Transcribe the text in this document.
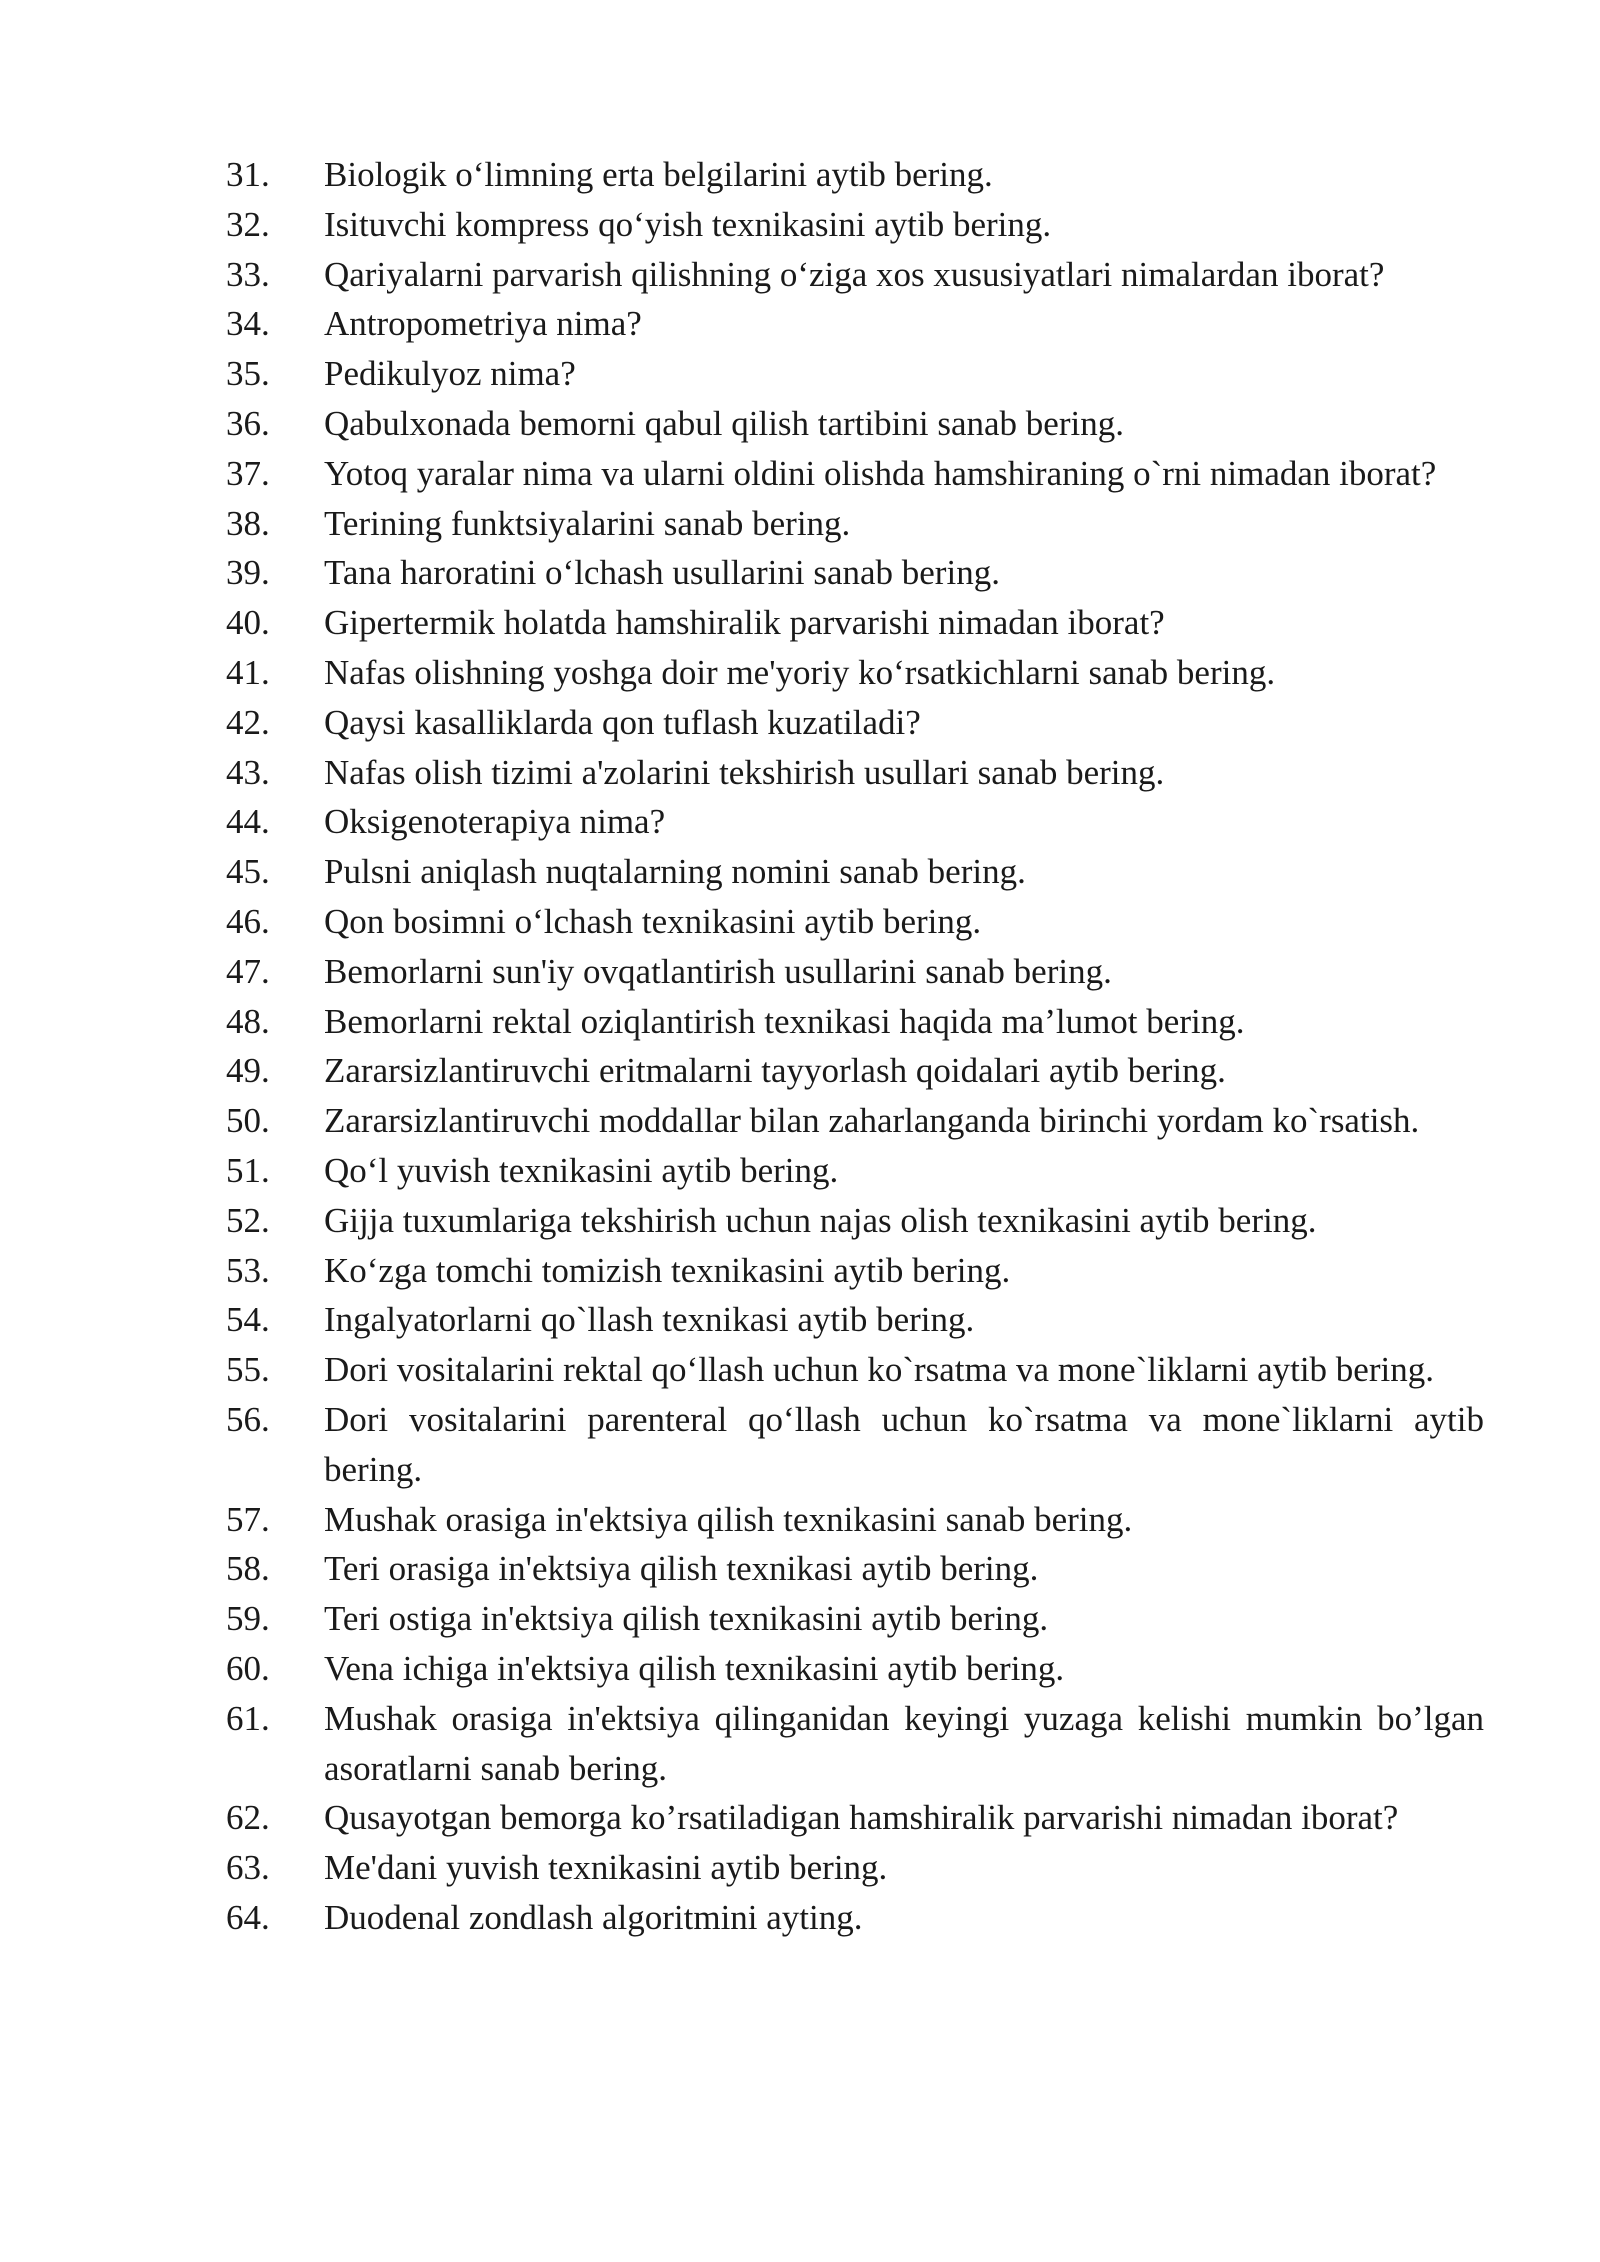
31.	Biologik o‘limning erta belgilarini aytib bering.
32.	Isituvchi kompress qo‘yish texnikasini aytib bering.
33.	Qariyalarni parvarish qilishning o‘ziga xos xususiyatlari nimalardan iborat?
34.	Antropometriya nima?
35.	Pedikulyoz nima?
36.	Qabulxonada bemorni qabul qilish tartibini sanab bering.
37.	Yotoq yaralar nima va ularni oldini olishda hamshiraning o`rni nimadan iborat?
38.	Terining funktsiyalarini sanab bering.
39.	Tana haroratini o‘lchash usullarini sanab bering.
40.	Gipertermik holatda hamshiralik parvarishi nimadan iborat?
41.	Nafas olishning yoshga doir me'yoriy ko‘rsatkichlarni sanab bering.
42.	Qaysi kasalliklarda qon tuflash kuzatiladi?
43.	Nafas olish tizimi a'zolarini tekshirish usullari sanab bering.
44.	Oksigenoterapiya nima?
45.	Pulsni aniqlash nuqtalarning nomini sanab bering.
46.	Qon bosimni o‘lchash texnikasini aytib bering.
47.	Bemorlarni sun'iy ovqatlantirish usullarini sanab bering.
48.	Bemorlarni rektal oziqlantirish texnikasi haqida ma’lumot bering.
49.	Zararsizlantiruvchi eritmalarni tayyorlash qoidalari aytib bering.
50.	Zararsizlantiruvchi moddallar bilan zaharlanganda birinchi yordam ko`rsatish.
51.	Qo‘l yuvish texnikasini aytib bering.
52.	Gijja tuxumlariga tekshirish uchun najas olish texnikasini aytib bering.
53.	Ko‘zga tomchi tomizish texnikasini aytib bering.
54.	Ingalyatorlarni qo`llash texnikasi aytib bering.
55.	Dori vositalarini rektal qo‘llash uchun ko`rsatma va mone`liklarni aytib bering.
56.	Dori vositalarini parenteral qo‘llash uchun ko`rsatma va mone`liklarni aytib bering.
57.	Mushak orasiga in'ektsiya qilish texnikasini sanab bering.
58.	Teri orasiga in'ektsiya qilish texnikasi aytib bering.
59.	Teri ostiga in'ektsiya qilish texnikasini aytib bering.
60.	Vena ichiga in'ektsiya qilish texnikasini aytib bering.
61.	Mushak orasiga in'ektsiya qilinganidan keyingi yuzaga kelishi mumkin bo’lgan asoratlarni sanab bering.
62.	Qusayotgan bemorga ko’rsatiladigan hamshiralik parvarishi nimadan iborat?
63.	Me'dani yuvish texnikasini aytib bering.
64.	Duodenal zondlash algoritmini ayting.
